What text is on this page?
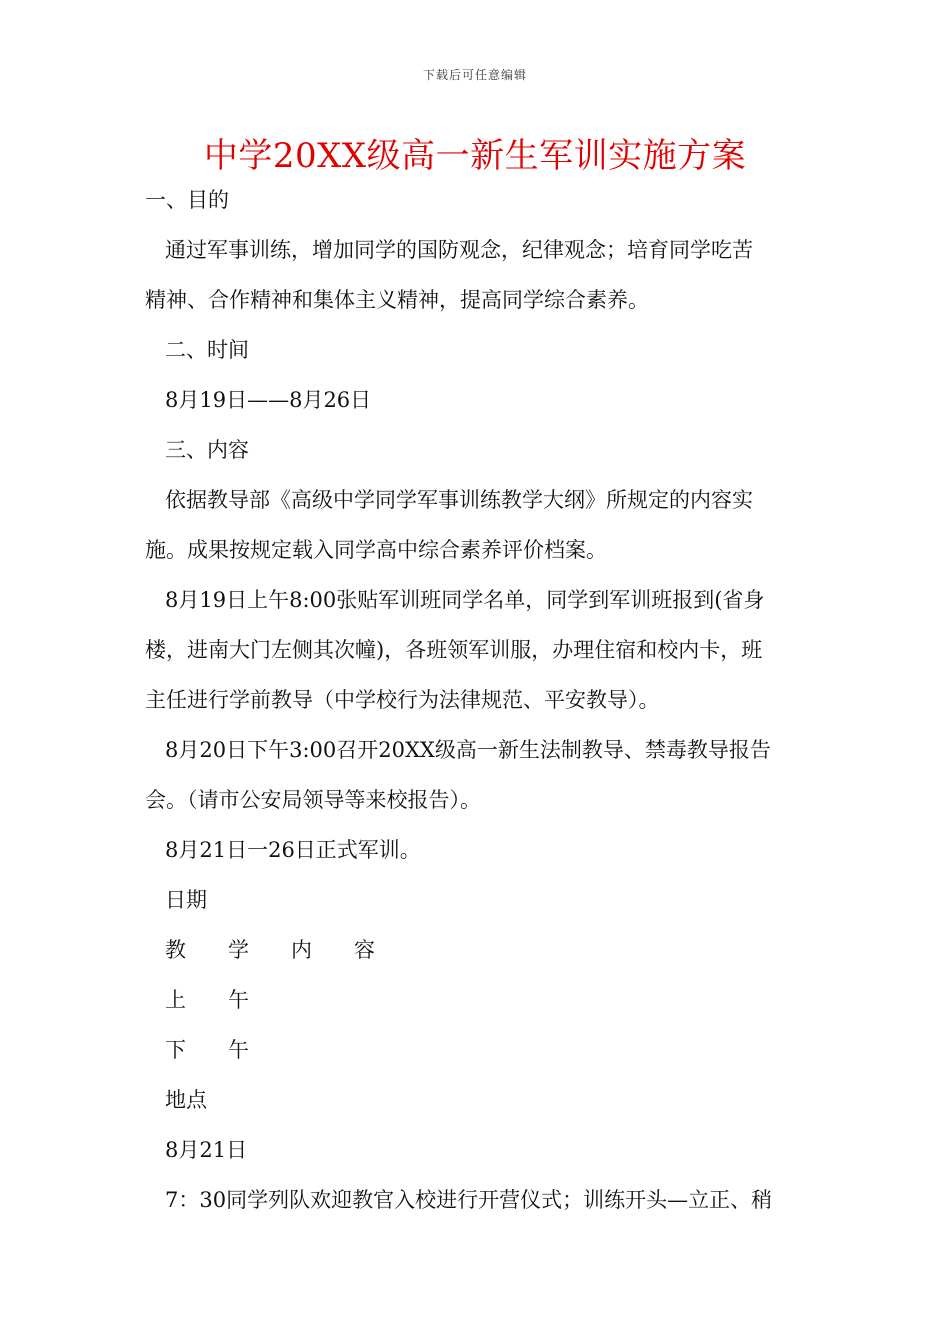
下载后可任意编辑
中学20XX级高一新生军训实施方案
一、目的
通过军事训练，增加同学的国防观念，纪律观念；培育同学吃苦
精神、合作精神和集体主义精神，提高同学综合素养。
二、时间
8月19日——8月26日
三、内容
依据教导部《高级中学同学军事训练教学大纲》所规定的内容实
施。成果按规定载入同学高中综合素养评价档案。
8月19日上午8:00张贴军训班同学名单，同学到军训班报到(省身
楼，进南大门左侧其次幢)，各班领军训服，办理住宿和校内卡，班
主任进行学前教导（中学校行为法律规范、平安教导）。
8月20日下午3:00召开20XX级高一新生法制教导、禁毒教导报告
会。（请市公安局领导等来校报告）。
8月21日一26日正式军训。
日期
教　　学　　内　　容
上　　午
下　　午
地点
8月21日
7：30同学列队欢迎教官入校进行开营仪式；训练开头—立正、稍
